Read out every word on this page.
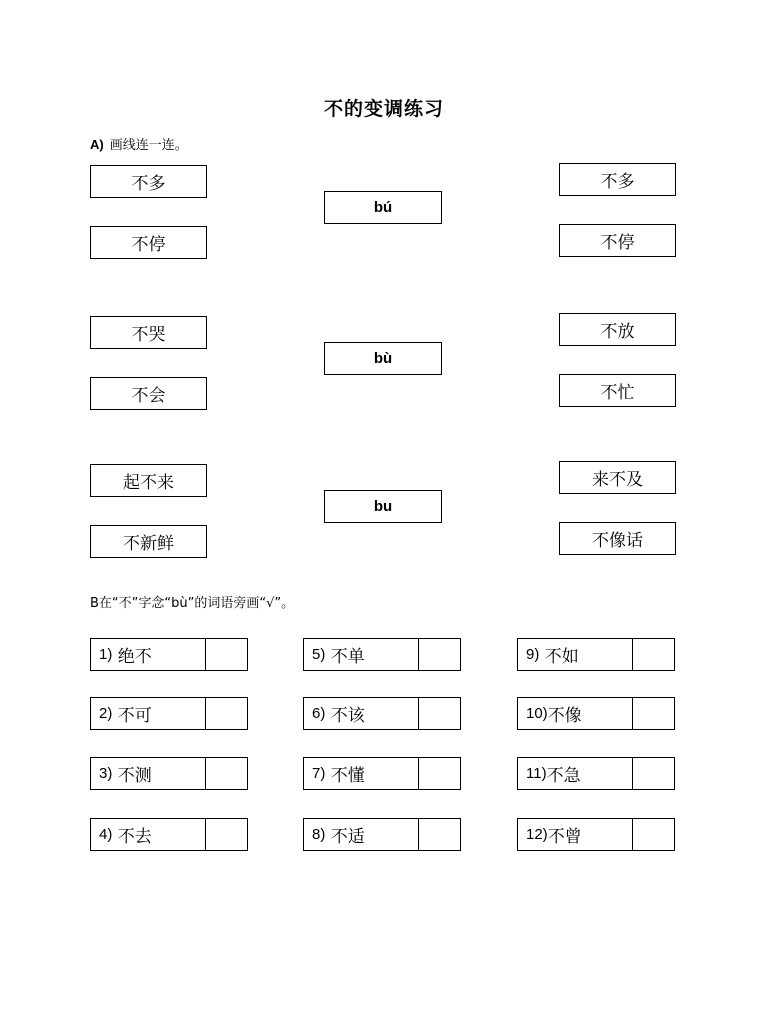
不的变调练习
A) 画线连一连。
不多
不停
不哭
不会
起不来
不新鲜
bú
bù
bu
不多
不停
不放
不忙
来不及
不像话
B在“不”字念“bù”的词语旁画“√”。
1)
绝不
2)
不可
3)
不测
4)
不去
5)
不单
6)
不该
7)
不懂
8)
不适
9)
不如
10) 不像
11) 不急
12) 不曾
